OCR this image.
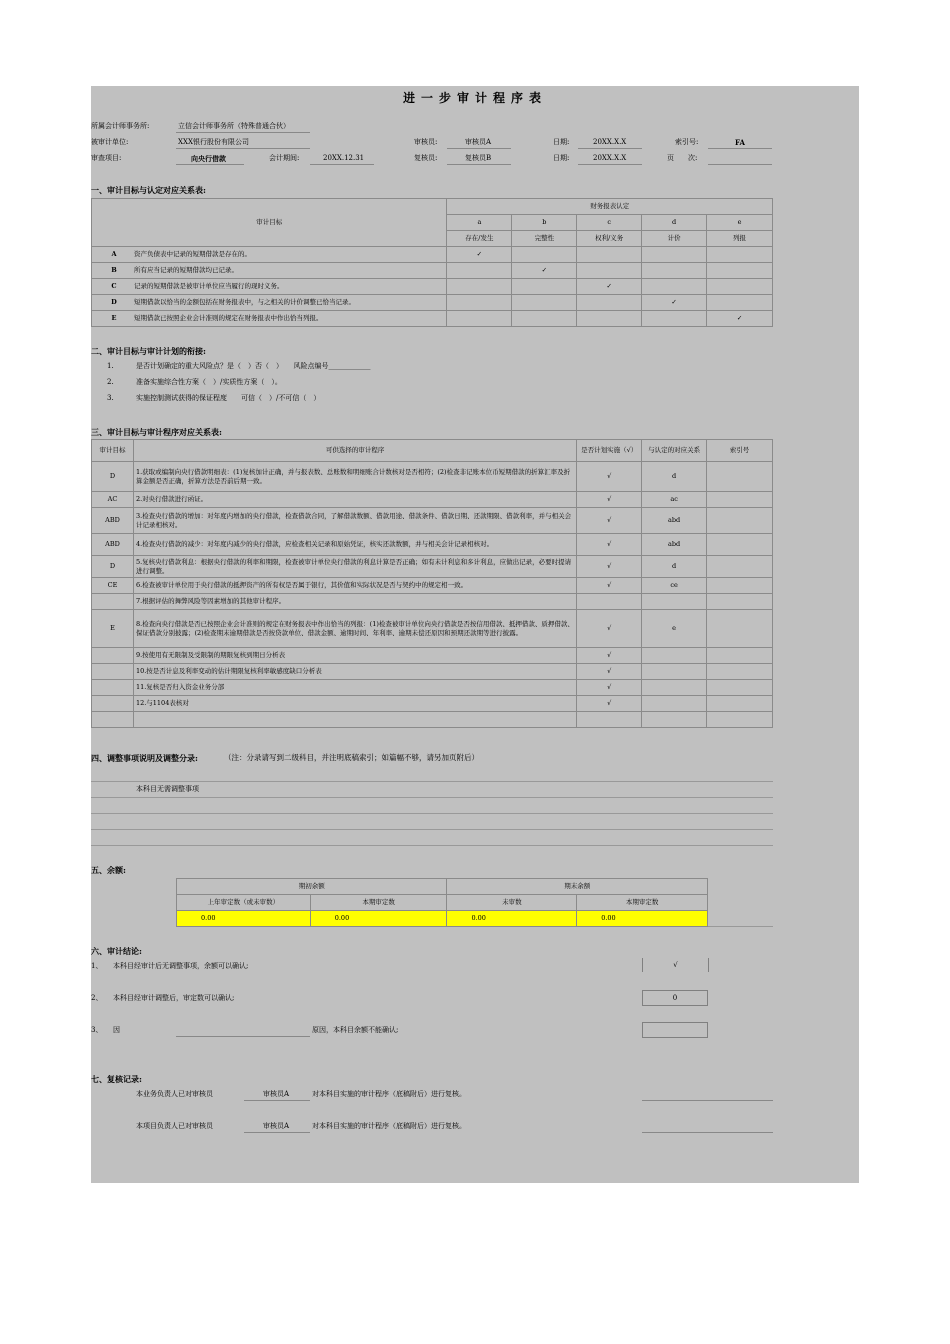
进一步审计程序表
所属会计师事务所:	立信会计师事务所（特殊普通合伙）
被审计单位:	XXX银行股份有限公司	审核员:	审核员A	日期:	20XX.X.X	索引号:	FA
审查项目:	向央行借款	会计期间:	20XX.12.31	复核员:	复核员B	日期:	20XX.X.X	页　　次:
一、审计目标与认定对应关系表:
审计目标	财务报表认定				
	a	b	c	d	e
	存在/发生	完整性	权利/义务	计价	列报
A 资产负债表中记录的短期借款是存在的。	✓				
B 所有应当记录的短期借款均已记录。		✓			
C 记录的短期借款是被审计单位应当履行的现时义务。			✓		
D 短期借款以恰当的金额包括在财务报表中，与之相关的计价调整已恰当记录。				✓	
E 短期借款已按照企业会计准则的规定在财务报表中作出恰当列报。					✓
二、审计目标与审计计划的衔接:
1.	是否计划确定的重大风险点？是（　）否（　）　　风险点编号____________
2.	准备实施综合性方案（　）/实质性方案（　）。
3.	实施控制测试获得的保证程度　　可信（　）/不可信（　）
三、审计目标与审计程序对应关系表:
审计目标	可供选择的审计程序	是否计划实施（√）	与认定的对应关系	索引号
D	1.获取或编制向央行借款明细表：(1)复核加计正确，并与报表数、总账数和明细账合计数核对是否相符；(2)检查非记账本位币短期借款的折算汇率及折算金额是否正确，折算方法是否前后期一致。	√	d	
AC	2.对央行借款进行函证。	√	ac	
ABD	3.检查央行借款的增加：对年度内增加的央行借款，检查借款合同，了解借款数额、借款用途、借款条件、借款日期、还款期限、借款利率，并与相关会计记录相核对。	√	abd	
ABD	4.检查央行借款的减少：对年度内减少的央行借款，应检查相关记录和原始凭证，核实还款数额，并与相关会计记录相核对。	√	abd	
D	5.复核央行借款利息：根据央行借款的利率和期限，检查被审计单位央行借款的利息计算是否正确；如有未计利息和多计利息，应做出记录，必要时提请进行调整。	√	d	
CE	6.检查被审计单位用于央行借款的抵押资产的所有权是否属于银行，其价值和实际状况是否与契约中的规定相一致。	√	ce	
	7.根据评估的舞弊风险等因素增加的其他审计程序。			
E	8.检查向央行借款是否已按照企业会计准则的规定在财务报表中作出恰当的列报：(1)检查被审计单位向央行借款是否按信用借款、抵押借款、质押借款、保证借款分别披露；(2)检查期末逾期借款是否按贷款单位、借款金额、逾期时间、年利率、逾期未偿还原因和预期还款期等进行披露。	√	e	
	9.按使用有无限制及受限制的期限复核到期日分析表	√		
	10.按是否计息及利率变动的估计期限复核利率敏感度缺口分析表	√		
	11.复核是否归入资金业务分部	√		
	12.与1104表核对	√		

四、调整事项说明及调整分录:	（注：分录请写到二级科目，并注明底稿索引；如篇幅不够，请另加页附后）
本科目无需调整事项
五、余额:
期初余额		期末余额	
上年审定数（或未审数）	本期审定数	未审数	本期审定数
0.00	0.00	0.00	0.00
六、审计结论:
1、 本科目经审计后无调整事项，余额可以确认;	√
2、 本科目经审计调整后，审定数可以确认;	0
3、 因	原因，本科目余额不能确认;
七、复核记录:
本业务负责人已对审核员	审核员A	对本科目实施的审计程序（底稿附后）进行复核。
本项目负责人已对审核员	审核员A	对本科目实施的审计程序（底稿附后）进行复核。
